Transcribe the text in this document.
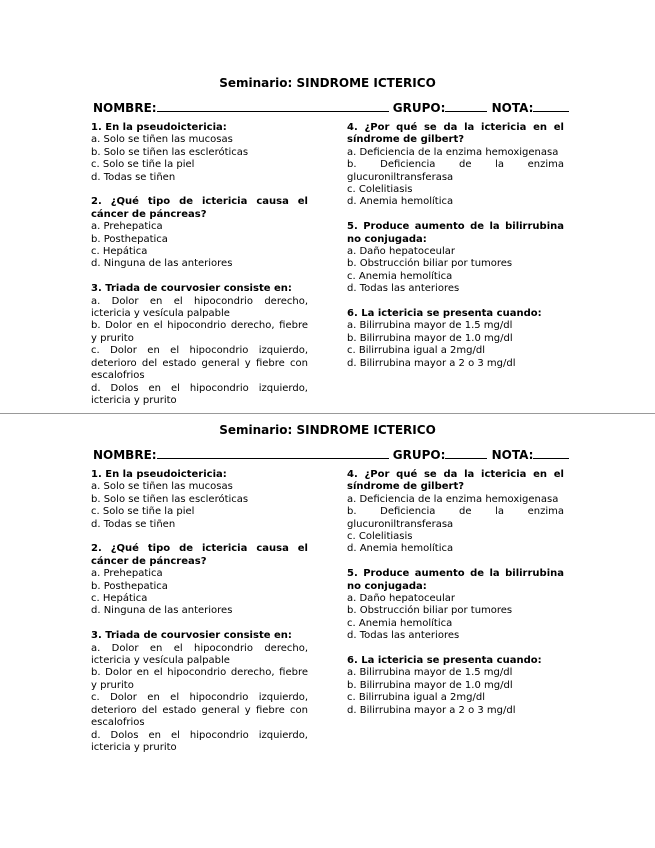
Seminario: SINDROME ICTERICO
NOMBRE:	GRUPO:	NOTA:
1. En la pseudoictericia:
a. Solo se tiñen las mucosas
b. Solo se tiñen las escleróticas
c. Solo se tiñe la piel
d. Todas se tiñen
2. ¿Qué tipo de ictericia causa el cáncer de páncreas?
a. Prehepatica
b. Posthepatica
c. Hepática
d. Ninguna de las anteriores
3. Triada de courvosier consiste en:
a. Dolor en el hipocondrio derecho, ictericia y vesícula palpable
b. Dolor en el hipocondrio derecho, fiebre y prurito
c. Dolor en el hipocondrio izquierdo, deterioro del estado general y fiebre con escalofrios
d. Dolos en el hipocondrio izquierdo, ictericia y prurito
4. ¿Por qué se da la ictericia en el síndrome de gilbert?
a. Deficiencia de la enzima hemoxigenasa
b. Deficiencia de la enzima glucuroniltransferasa
c. Colelitiasis
d. Anemia hemolítica
5. Produce aumento de la bilirrubina no conjugada:
a. Daño hepatoceular
b. Obstrucción biliar por tumores
c. Anemia hemolítica
d. Todas las anteriores
6. La ictericia se presenta cuando:
a. Bilirrubina mayor de 1.5 mg/dl
b. Bilirrubina mayor de 1.0 mg/dl
c. Bilirrubina igual a 2mg/dl
d. Bilirrubina mayor a 2 o 3 mg/dl
Seminario: SINDROME ICTERICO
NOMBRE:	GRUPO:	NOTA:
1. En la pseudoictericia:
a. Solo se tiñen las mucosas
b. Solo se tiñen las escleróticas
c. Solo se tiñe la piel
d. Todas se tiñen
2. ¿Qué tipo de ictericia causa el cáncer de páncreas?
a. Prehepatica
b. Posthepatica
c. Hepática
d. Ninguna de las anteriores
3. Triada de courvosier consiste en:
a. Dolor en el hipocondrio derecho, ictericia y vesícula palpable
b. Dolor en el hipocondrio derecho, fiebre y prurito
c. Dolor en el hipocondrio izquierdo, deterioro del estado general y fiebre con escalofrios
d. Dolos en el hipocondrio izquierdo, ictericia y prurito
4. ¿Por qué se da la ictericia en el síndrome de gilbert?
a. Deficiencia de la enzima hemoxigenasa
b. Deficiencia de la enzima glucuroniltransferasa
c. Colelitiasis
d. Anemia hemolítica
5. Produce aumento de la bilirrubina no conjugada:
a. Daño hepatoceular
b. Obstrucción biliar por tumores
c. Anemia hemolítica
d. Todas las anteriores
6. La ictericia se presenta cuando:
a. Bilirrubina mayor de 1.5 mg/dl
b. Bilirrubina mayor de 1.0 mg/dl
c. Bilirrubina igual a 2mg/dl
d. Bilirrubina mayor a 2 o 3 mg/dl
